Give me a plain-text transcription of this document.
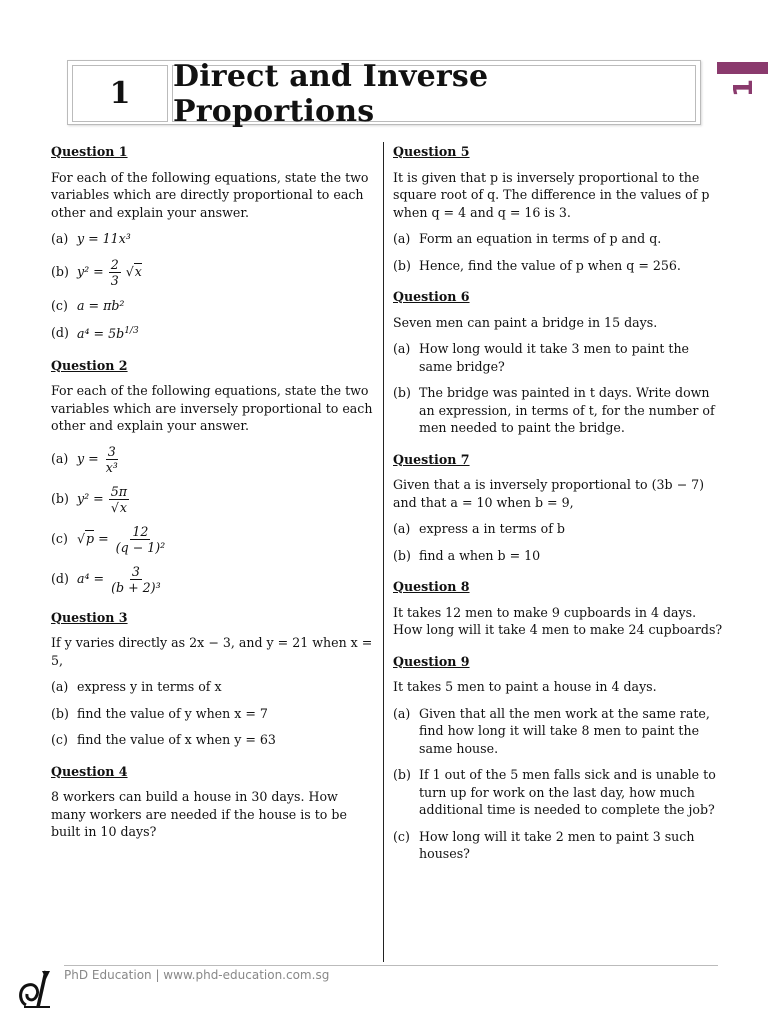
1	Direct and Inverse Proportions
1

Question 1

For each of the following equations, state the two variables which are directly proportional to each other and explain your answer.

(a) y = 11x³
(b) $y^2 = \frac{2}{3} √x$
(c) a = πb²
(d) $a^4 = 5b^{1/3}$

Question 2

For each of the following equations, state the two variables which are inversely proportional to each other and explain your answer.

(a) $y = \frac{3}{\text{x³}}$
(b) $y^2 = \frac{5\pi}{√x}$
(c) $√p = \frac{12}{\text{(q − 1)²}}$
(d) $a^4 = \frac{3}{\text{(b + 2)³}}$

Question 3

If y varies directly as 2x − 3, and y = 21 when x = 5,

(a) express y in terms of x
(b) find the value of y when x = 7
(c) find the value of x when y = 63

Question 4

8 workers can build a house in 30 days. How many workers are needed if the house is to be built in 10 days?

Question 5

It is given that p is inversely proportional to the square root of q. The difference in the values of p when q = 4 and q = 16 is 3.

(a) Form an equation in terms of p and q.
(b) Hence, find the value of p when q = 256.

Question 6

Seven men can paint a bridge in 15 days.

(a) How long would it take 3 men to paint the same bridge?
(b) The bridge was painted in t days. Write down an expression, in terms of t, for the number of men needed to paint the bridge.

Question 7

Given that a is inversely proportional to (3b − 7) and that a = 10 when b = 9,

(a) express a in terms of b
(b) find a when b = 10

Question 8

It takes 12 men to make 9 cupboards in 4 days. How long will it take 4 men to make 24 cupboards?

Question 9

It takes 5 men to paint a house in 4 days.

(a) Given that all the men work at the same rate, find how long it will take 8 men to paint the same house.
(b) If 1 out of the 5 men falls sick and is unable to turn up for work on the last day, how much additional time is needed to complete the job?
(c) How long will it take 2 men to paint 3 such houses?
PhD Education | www.phd-education.com.sg
